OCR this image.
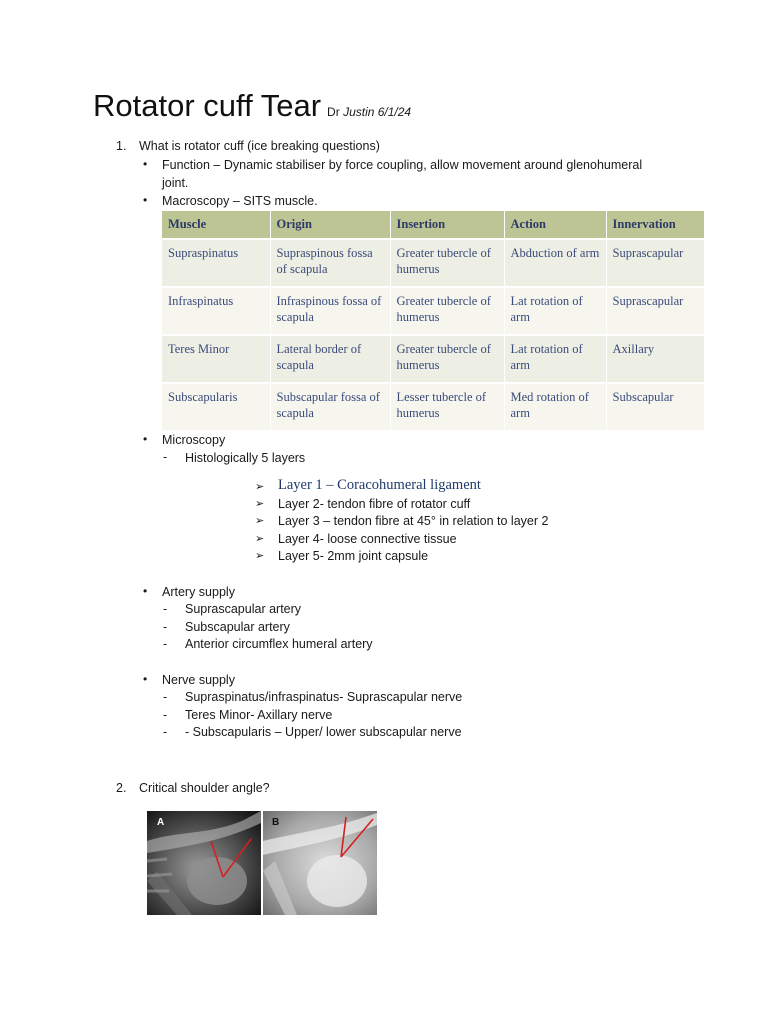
Rotator cuff Tear Dr Justin 6/1/24
1. What is rotator cuff (ice breaking questions)
• Function – Dynamic stabiliser by force coupling, allow movement around glenohumeral
joint.
• Macroscopy – SITS muscle.
Muscle	Origin	Insertion	Action	Innervation
Supraspinatus	Supraspinous fossa of scapula	Greater tubercle of humerus	Abduction of arm	Suprascapular
Infraspinatus	Infraspinous fossa of scapula	Greater tubercle of humerus	Lat rotation of arm	Suprascapular
Teres Minor	Lateral border of scapula	Greater tubercle of humerus	Lat rotation of arm	Axillary
Subscapularis	Subscapular fossa of scapula	Lesser tubercle of humerus	Med rotation of arm	Subscapular
• Microscopy
- Histologically 5 layers
➢ Layer 1 – Coracohumeral ligament
➢ Layer 2- tendon fibre of rotator cuff
➢ Layer 3 – tendon fibre at 45° in relation to layer 2
➢ Layer 4- loose connective tissue
➢ Layer 5- 2mm joint capsule
• Artery supply
- Suprascapular artery
- Subscapular artery
- Anterior circumflex humeral artery
• Nerve supply
- Supraspinatus/infraspinatus- Suprascapular nerve
- Teres Minor- Axillary nerve
- - Subscapularis – Upper/ lower subscapular nerve
2. Critical shoulder angle?
A	B
